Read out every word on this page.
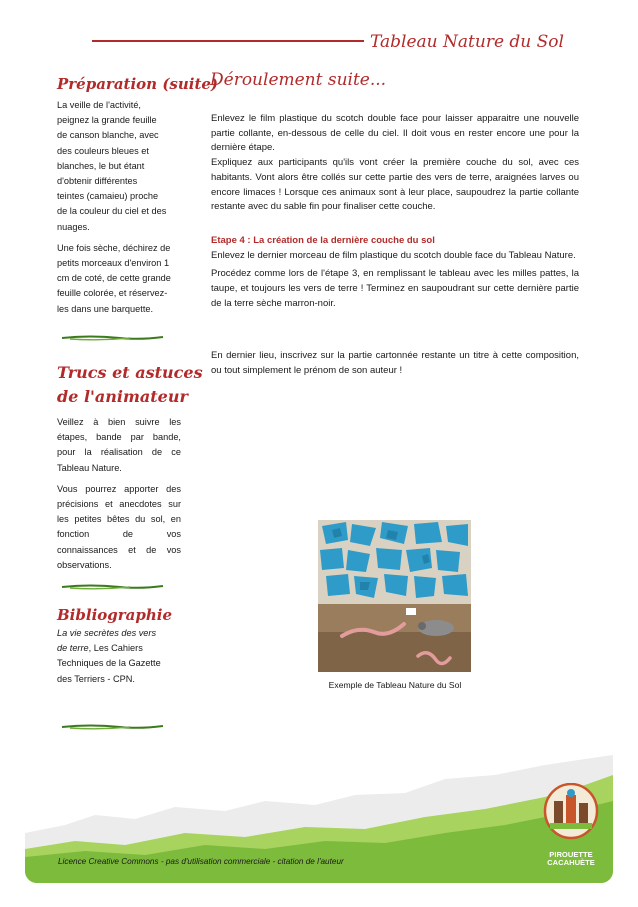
Tableau Nature du Sol
Préparation (suite)

La veille de l'activité,
peignez la grande feuille
de canson blanche, avec
des couleurs bleues et
blanches, le but étant
d'obtenir différentes
teintes (camaieu) proche
de la couleur du ciel et des
nuages.

Une fois sèche, déchirez de
petits morceaux d'environ 1
cm de coté, de cette grande
feuille colorée, et réservez-
les dans une barquette.

Trucs et astuces
de l'animateur

Veillez à bien suivre les étapes, bande par bande, pour la réalisation de ce Tableau Nature.

Vous pourrez apporter des précisions et anecdotes sur les petites bêtes du sol, en fonction de vos connaissances et de vos observations.

Bibliographie
La vie secrètes des vers
de terre, Les Cahiers
Techniques de la Gazette
des Terriers - CPN.
Déroulement suite...

Enlevez le film plastique du scotch double face pour laisser apparaitre une nouvelle partie collante, en-dessous de celle du ciel. Il doit vous en rester encore une pour la dernière étape.

Expliquez aux participants qu'ils vont créer la première couche du sol, avec ces habitants. Vont alors être collés sur cette partie des vers de terre, araignées larves ou encore limaces ! Lorsque ces animaux sont à leur place, saupoudrez la partie collante restante avec du sable fin pour finaliser cette couche.

Etape 4 : La création de la dernière couche du sol

Enlevez le dernier morceau de film plastique du scotch double face du Tableau Nature.

Procédez comme lors de l'étape 3, en remplissant le tableau avec les milles pattes, la taupe, et toujours les vers de terre ! Terminez en saupoudrant sur cette dernière partie de la terre sèche marron-noir.

En dernier lieu, inscrivez sur la partie cartonnée restante un titre à cette composition, ou tout simplement le prénom de son auteur !

Exemple de Tableau Nature du Sol
Licence Creative Commons - pas d'utilisation commerciale - citation de l'auteur
PIROUETTE
CACAHUÈTE
